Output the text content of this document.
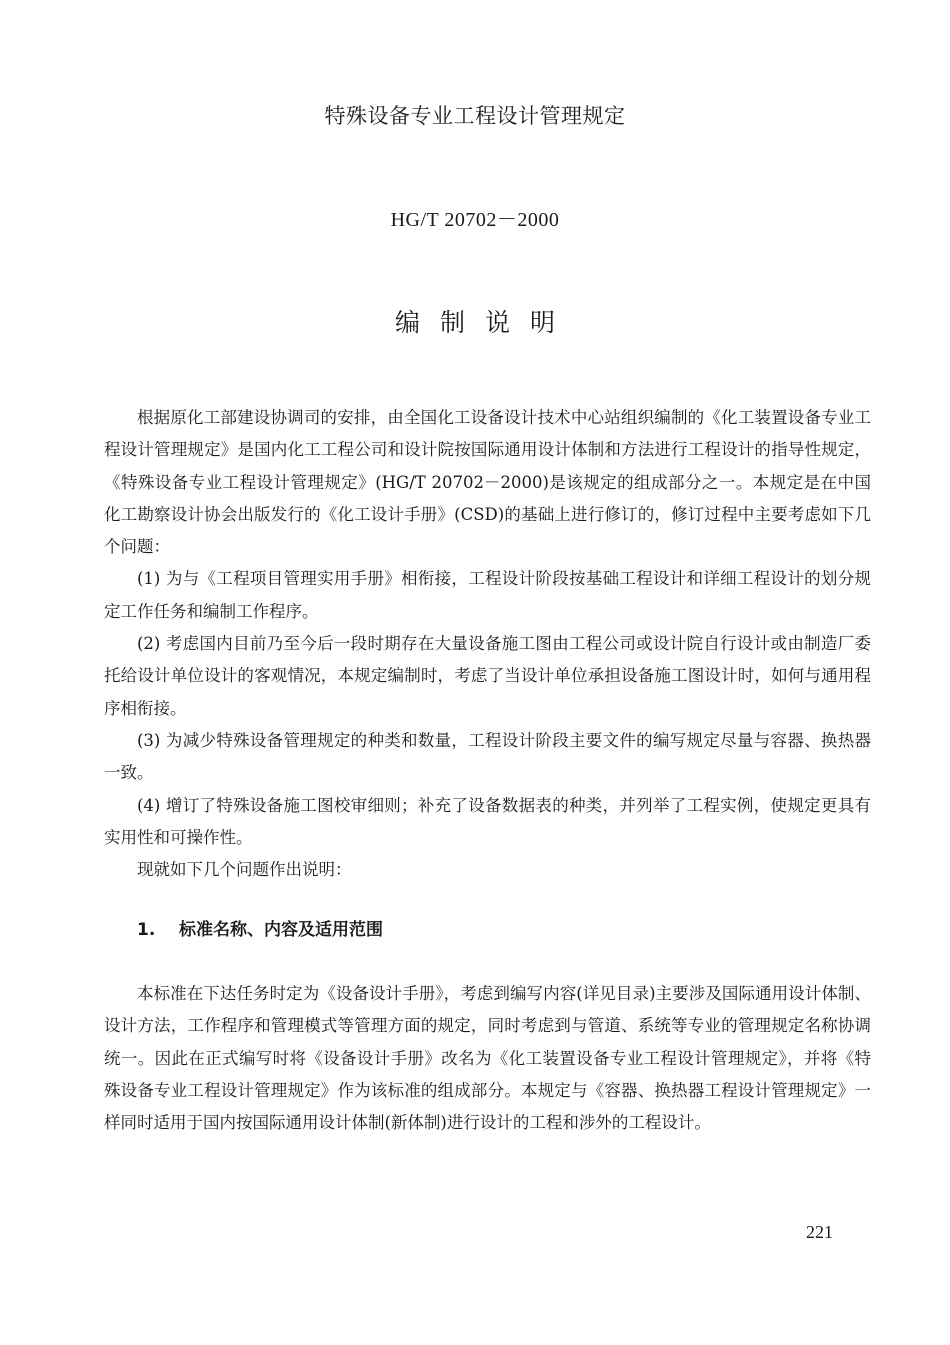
特殊设备专业工程设计管理规定
HG/T 20702－2000
编制说明

根据原化工部建设协调司的安排，由全国化工设备设计技术中心站组织编制的《化工装置设备专业工程设计管理规定》是国内化工工程公司和设计院按国际通用设计体制和方法进行工程设计的指导性规定，《特殊设备专业工程设计管理规定》(HG/T 20702－2000)是该规定的组成部分之一。本规定是在中国化工勘察设计协会出版发行的《化工设计手册》(CSD)的基础上进行修订的，修订过程中主要考虑如下几个问题：

(1) 为与《工程项目管理实用手册》相衔接，工程设计阶段按基础工程设计和详细工程设计的划分规定工作任务和编制工作程序。

(2) 考虑国内目前乃至今后一段时期存在大量设备施工图由工程公司或设计院自行设计或由制造厂委托给设计单位设计的客观情况，本规定编制时，考虑了当设计单位承担设备施工图设计时，如何与通用程序相衔接。

(3) 为减少特殊设备管理规定的种类和数量，工程设计阶段主要文件的编写规定尽量与容器、换热器一致。

(4) 增订了特殊设备施工图校审细则；补充了设备数据表的种类，并列举了工程实例，使规定更具有实用性和可操作性。

现就如下几个问题作出说明：

1. 标准名称、内容及适用范围

本标准在下达任务时定为《设备设计手册》，考虑到编写内容(详见目录)主要涉及国际通用设计体制、设计方法，工作程序和管理模式等管理方面的规定，同时考虑到与管道、系统等专业的管理规定名称协调统一。因此在正式编写时将《设备设计手册》改名为《化工装置设备专业工程设计管理规定》，并将《特殊设备专业工程设计管理规定》作为该标准的组成部分。本规定与《容器、换热器工程设计管理规定》一样同时适用于国内按国际通用设计体制(新体制)进行设计的工程和涉外的工程设计。

221
